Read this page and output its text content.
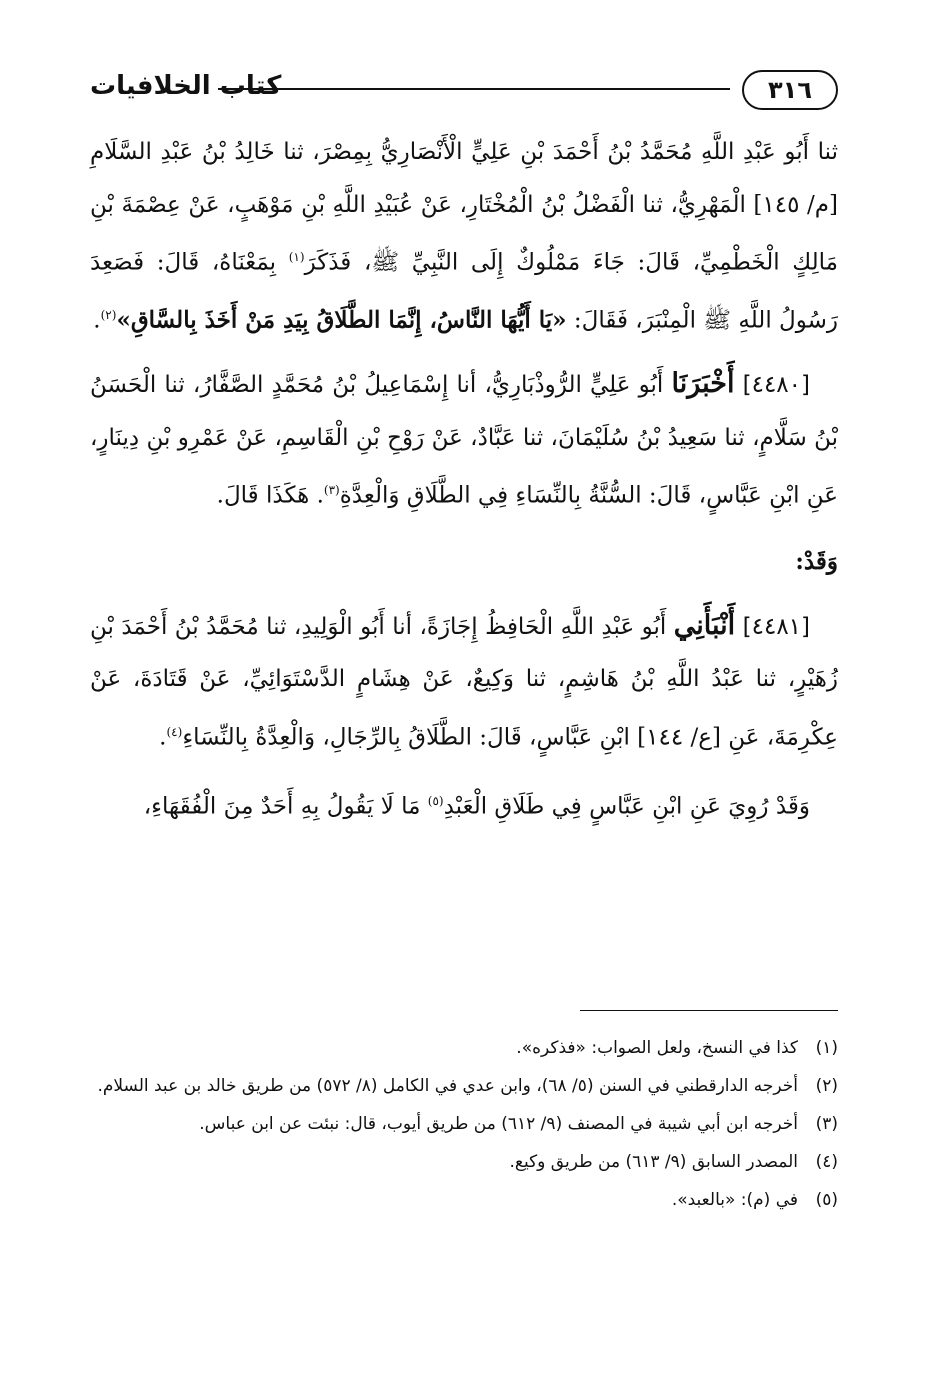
٣١٦
كتاب الخلافيات

ثنا أَبُو عَبْدِ اللَّهِ مُحَمَّدُ بْنُ أَحْمَدَ بْنِ عَلِيٍّ الْأَنْصَارِيُّ بِمِصْرَ، ثنا خَالِدُ بْنُ عَبْدِ السَّلَامِ [م/ ١٤٥] الْمَهْرِيُّ، ثنا الْفَضْلُ بْنُ الْمُخْتَارِ، عَنْ عُبَيْدِ اللَّهِ بْنِ مَوْهَبٍ، عَنْ عِصْمَةَ بْنِ مَالِكٍ الْخَطْمِيِّ، قَالَ: جَاءَ مَمْلُوكٌ إِلَى النَّبِيِّ ﷺ، فَذَكَرَ$^{(١)}$ بِمَعْنَاهُ، قَالَ: فَصَعِدَ رَسُولُ اللَّهِ ﷺ الْمِنْبَرَ، فَقَالَ: «يَا أَيُّهَا النَّاسُ، إِنَّمَا الطَّلَاقُ بِيَدِ مَنْ أَخَذَ بِالسَّاقِ»$^{(٢)}$.

[٤٤٨٠] أَخْبَرَنَا أَبُو عَلِيٍّ الرُّوذْبَارِيُّ، أنا إِسْمَاعِيلُ بْنُ مُحَمَّدٍ الصَّفَّارُ، ثنا الْحَسَنُ بْنُ سَلَّامٍ، ثنا سَعِيدُ بْنُ سُلَيْمَانَ، ثنا عَبَّادٌ، عَنْ رَوْحِ بْنِ الْقَاسِمِ، عَنْ عَمْرِو بْنِ دِينَارٍ، عَنِ ابْنِ عَبَّاسٍ، قَالَ: السُّنَّةُ بِالنِّسَاءِ فِي الطَّلَاقِ وَالْعِدَّةِ$^{(٣)}$. هَكَذَا قَالَ.

وَقَدْ:

[٤٤٨١] أَنْبَأَنِي أَبُو عَبْدِ اللَّهِ الْحَافِظُ إِجَازَةً، أنا أَبُو الْوَلِيدِ، ثنا مُحَمَّدُ بْنُ أَحْمَدَ بْنِ زُهَيْرٍ، ثنا عَبْدُ اللَّهِ بْنُ هَاشِمٍ، ثنا وَكِيعٌ، عَنْ هِشَامٍ الدَّسْتَوَائِيِّ، عَنْ قَتَادَةَ، عَنْ عِكْرِمَةَ، عَنِ [ع/ ١٤٤] ابْنِ عَبَّاسٍ، قَالَ: الطَّلَاقُ بِالرِّجَالِ، وَالْعِدَّةُ بِالنِّسَاءِ$^{(٤)}$.

وَقَدْ رُوِيَ عَنِ ابْنِ عَبَّاسٍ فِي طَلَاقِ الْعَبْدِ$^{(٥)}$ مَا لَا يَقُولُ بِهِ أَحَدٌ مِنَ الْفُقَهَاءِ،

(١)
كذا في النسخ، ولعل الصواب: «فذكره».
(٢)
أخرجه الدارقطني في السنن (٥/ ٦٨)، وابن عدي في الكامل (٨/ ٥٧٢) من طريق خالد بن عبد السلام.
(٣)
أخرجه ابن أبي شيبة في المصنف (٩/ ٦١٢) من طريق أيوب، قال: نبئت عن ابن عباس.
(٤)
المصدر السابق (٩/ ٦١٣) من طريق وكيع.
(٥)
في (م): «بالعبد».
